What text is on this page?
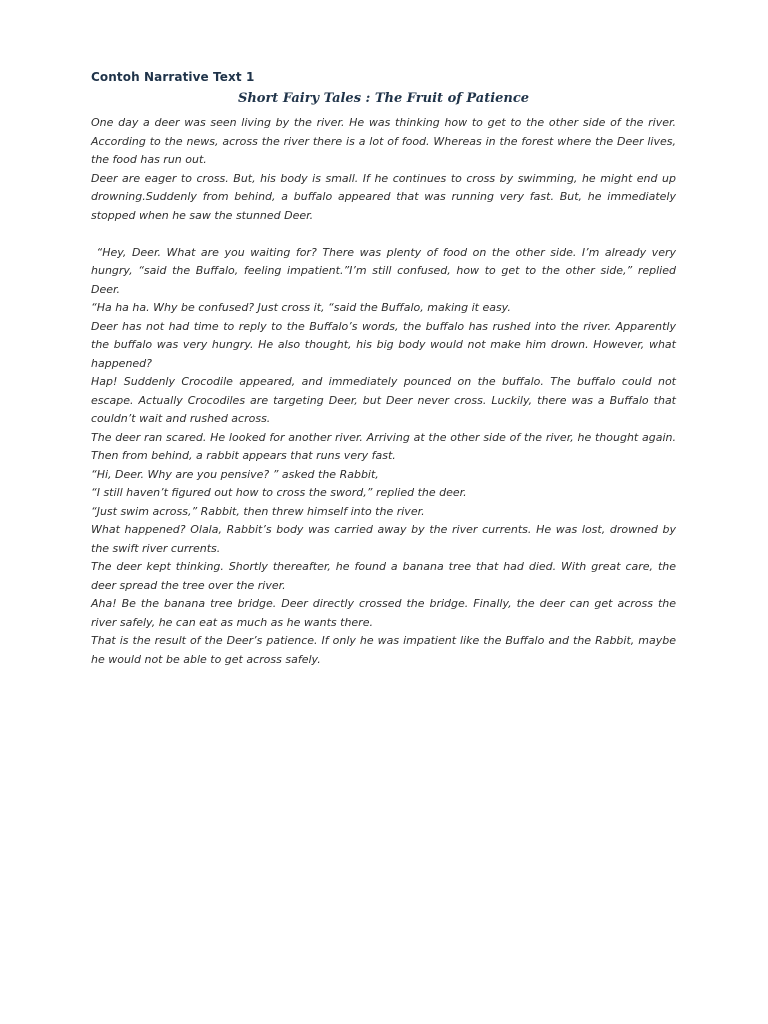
Contoh Narrative Text 1
Short Fairy Tales : The Fruit of Patience

One day a deer was seen living by the river. He was thinking how to get to the other side of the river. According to the news, across the river there is a lot of food. Whereas in the forest where the Deer lives, the food has run out.

Deer are eager to cross. But, his body is small. If he continues to cross by swimming, he might end up drowning.Suddenly from behind, a buffalo appeared that was running very fast. But, he immediately stopped when he saw the stunned Deer.

“Hey, Deer. What are you waiting for? There was plenty of food on the other side. I’m already very hungry, “said the Buffalo, feeling impatient.”I’m still confused, how to get to the other side,” replied Deer.

“Ha ha ha. Why be confused? Just cross it, “said the Buffalo, making it easy.

Deer has not had time to reply to the Buffalo’s words, the buffalo has rushed into the river. Apparently the buffalo was very hungry. He also thought, his big body would not make him drown. However, what happened?

Hap! Suddenly Crocodile appeared, and immediately pounced on the buffalo. The buffalo could not escape. Actually Crocodiles are targeting Deer, but Deer never cross. Luckily, there was a Buffalo that couldn’t wait and rushed across.

The deer ran scared. He looked for another river. Arriving at the other side of the river, he thought again. Then from behind, a rabbit appears that runs very fast.

“Hi, Deer. Why are you pensive? ” asked the Rabbit,

“I still haven’t figured out how to cross the sword,” replied the deer.

“Just swim across,” Rabbit, then threw himself into the river.

What happened? Olala, Rabbit’s body was carried away by the river currents. He was lost, drowned by the swift river currents.

The deer kept thinking. Shortly thereafter, he found a banana tree that had died. With great care, the deer spread the tree over the river.

Aha! Be the banana tree bridge. Deer directly crossed the bridge. Finally, the deer can get across the river safely, he can eat as much as he wants there.

That is the result of the Deer’s patience. If only he was impatient like the Buffalo and the Rabbit, maybe he would not be able to get across safely.
